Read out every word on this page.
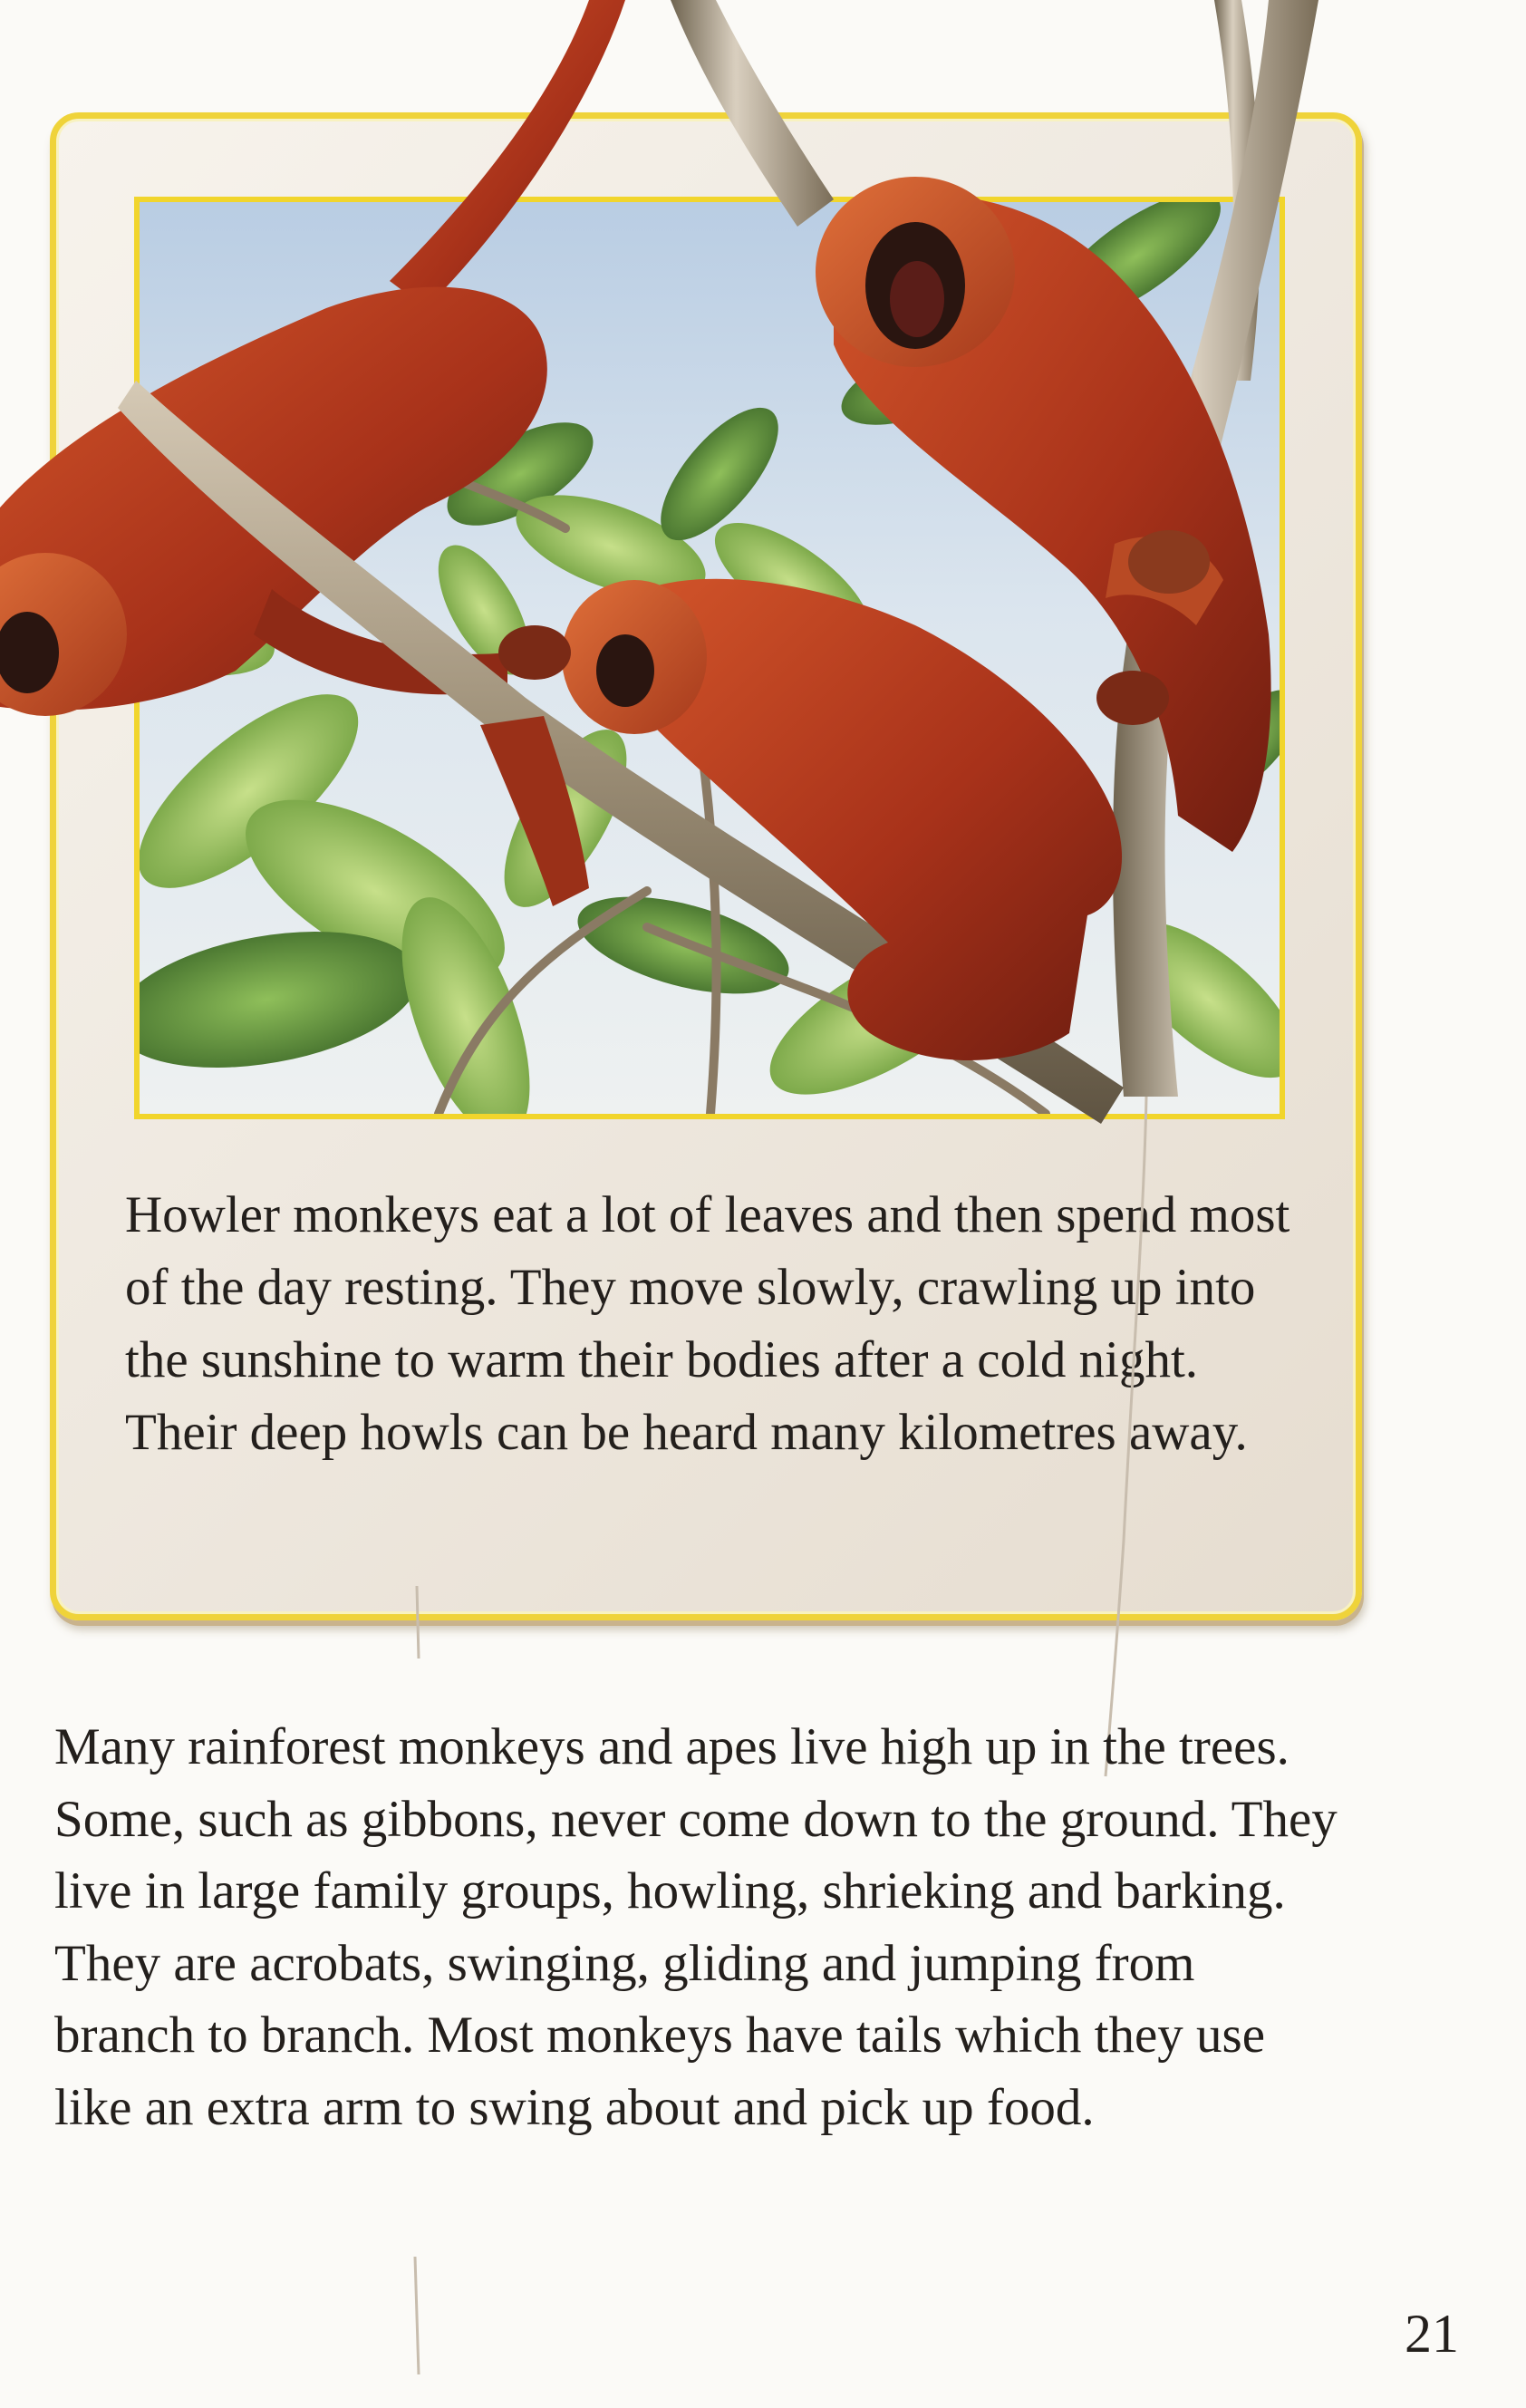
Howler monkeys eat a lot of leaves and then spend most of the day resting. They move slowly, crawling up into the sunshine to warm their bodies after a cold night. Their deep howls can be heard many kilometres away.

Many rainforest monkeys and apes live high up in the trees. Some, such as gibbons, never come down to the ground. They live in large family groups, howling, shrieking and barking. They are acrobats, swinging, gliding and jumping from branch to branch. Most monkeys have tails which they use like an extra arm to swing about and pick up food.

21
